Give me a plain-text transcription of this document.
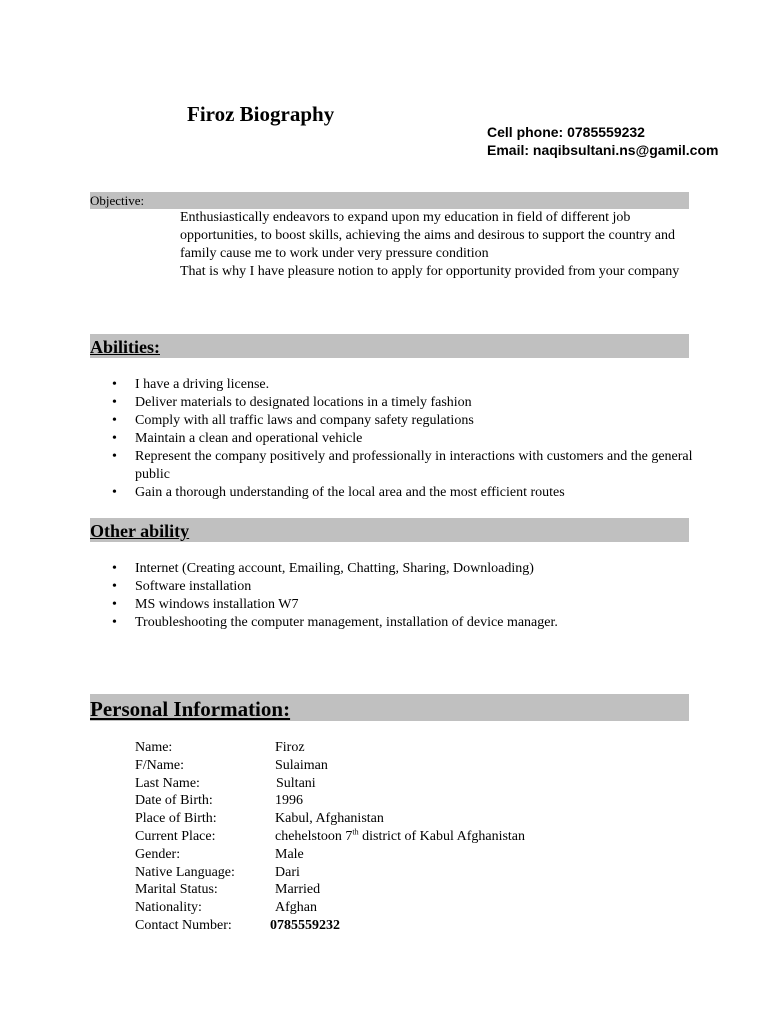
Firoz Biography
Cell phone: 0785559232
Email: naqibsultani.ns@gamil.com
Objective:
Enthusiastically endeavors to expand upon my education in field of different job opportunities, to boost skills, achieving the aims and desirous to support the country and family cause me to work under very pressure condition
That is why I have pleasure notion to apply for opportunity provided from your company
Abilities:
• I have a driving license.
• Deliver materials to designated locations in a timely fashion
• Comply with all traffic laws and company safety regulations
• Maintain a clean and operational vehicle
• Represent the company positively and professionally in interactions with customers and the general public
• Gain a thorough understanding of the local area and the most efficient routes
Other ability
• Internet (Creating account, Emailing, Chatting, Sharing, Downloading)
• Software installation
• MS windows installation W7
• Troubleshooting the computer management, installation of device manager.
Personal Information:
Name:	Firoz
F/Name:	Sulaiman
Last Name:	Sultani
Date of Birth:	1996
Place of Birth:	Kabul, Afghanistan
Current Place:	chehelstoon 7th district of Kabul Afghanistan
Gender:	Male
Native Language:	Dari
Marital Status:	Married
Nationality:	Afghan
Contact Number:	0785559232
